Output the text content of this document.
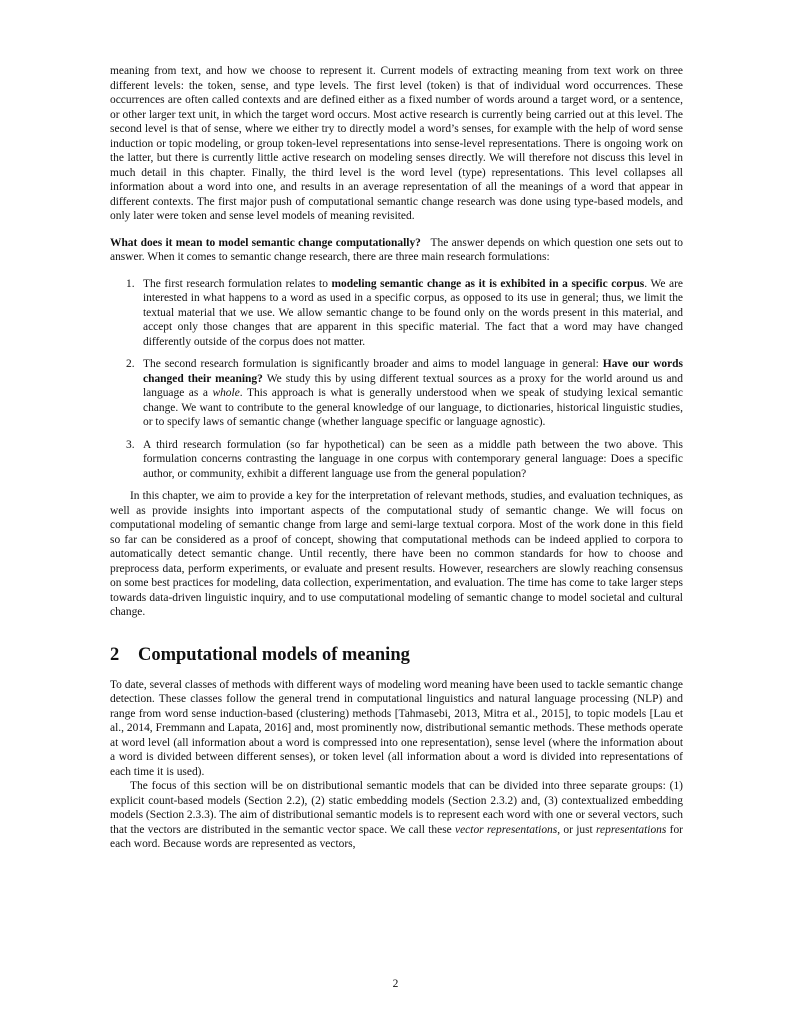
meaning from text, and how we choose to represent it. Current models of extracting meaning from text work on three different levels: the token, sense, and type levels. The first level (token) is that of individual word occurrences. These occurrences are often called contexts and are defined either as a fixed number of words around a target word, or a sentence, or other larger text unit, in which the target word occurs. Most active research is currently being carried out at this level. The second level is that of sense, where we either try to directly model a word’s senses, for example with the help of word sense induction or topic modeling, or group token-level representations into sense-level representations. There is ongoing work on the latter, but there is currently little active research on modeling senses directly. We will therefore not discuss this level in much detail in this chapter. Finally, the third level is the word level (type) representations. This level collapses all information about a word into one, and results in an average representation of all the meanings of a word that appear in different contexts. The first major push of computational semantic change research was done using type-based models, and only later were token and sense level models of meaning revisited.

What does it mean to model semantic change computationally? The answer depends on which question one sets out to answer. When it comes to semantic change research, there are three main research formulations:

1. The first research formulation relates to modeling semantic change as it is exhibited in a specific corpus. We are interested in what happens to a word as used in a specific corpus, as opposed to its use in general; thus, we limit the textual material that we use. We allow semantic change to be found only on the words present in this material, and accept only those changes that are apparent in this specific material. The fact that a word may have changed differently outside of the corpus does not matter.
2. The second research formulation is significantly broader and aims to model language in general: Have our words changed their meaning? We study this by using different textual sources as a proxy for the world around us and language as a whole. This approach is what is generally understood when we speak of studying lexical semantic change. We want to contribute to the general knowledge of our language, to dictionaries, historical linguistic studies, or to specify laws of semantic change (whether language specific or language agnostic).
3. A third research formulation (so far hypothetical) can be seen as a middle path between the two above. This formulation concerns contrasting the language in one corpus with contemporary general language: Does a specific author, or community, exhibit a different language use from the general population?

In this chapter, we aim to provide a key for the interpretation of relevant methods, studies, and evaluation techniques, as well as provide insights into important aspects of the computational study of semantic change. We will focus on computational modeling of semantic change from large and semi-large textual corpora. Most of the work done in this field so far can be considered as a proof of concept, showing that computational methods can be indeed applied to corpora to automatically detect semantic change. Until recently, there have been no common standards for how to choose and preprocess data, perform experiments, or evaluate and present results. However, researchers are slowly reaching consensus on some best practices for modeling, data collection, experimentation, and evaluation. The time has come to take larger steps towards data-driven linguistic inquiry, and to use computational modeling of semantic change to model societal and cultural change.

2 Computational models of meaning

To date, several classes of methods with different ways of modeling word meaning have been used to tackle semantic change detection. These classes follow the general trend in computational linguistics and natural language processing (NLP) and range from word sense induction-based (clustering) methods [Tahmasebi, 2013, Mitra et al., 2015], to topic models [Lau et al., 2014, Fremmann and Lapata, 2016] and, most prominently now, distributional semantic methods. These methods operate at word level (all information about a word is compressed into one representation), sense level (where the information about a word is divided between different senses), or token level (all information about a word is divided into representations of each time it is used).

The focus of this section will be on distributional semantic models that can be divided into three separate groups: (1) explicit count-based models (Section 2.2), (2) static embedding models (Section 2.3.2) and, (3) contextualized embedding models (Section 2.3.3). The aim of distributional semantic models is to represent each word with one or several vectors, such that the vectors are distributed in the semantic vector space. We call these vector representations, or just representations for each word. Because words are represented as vectors,

2
